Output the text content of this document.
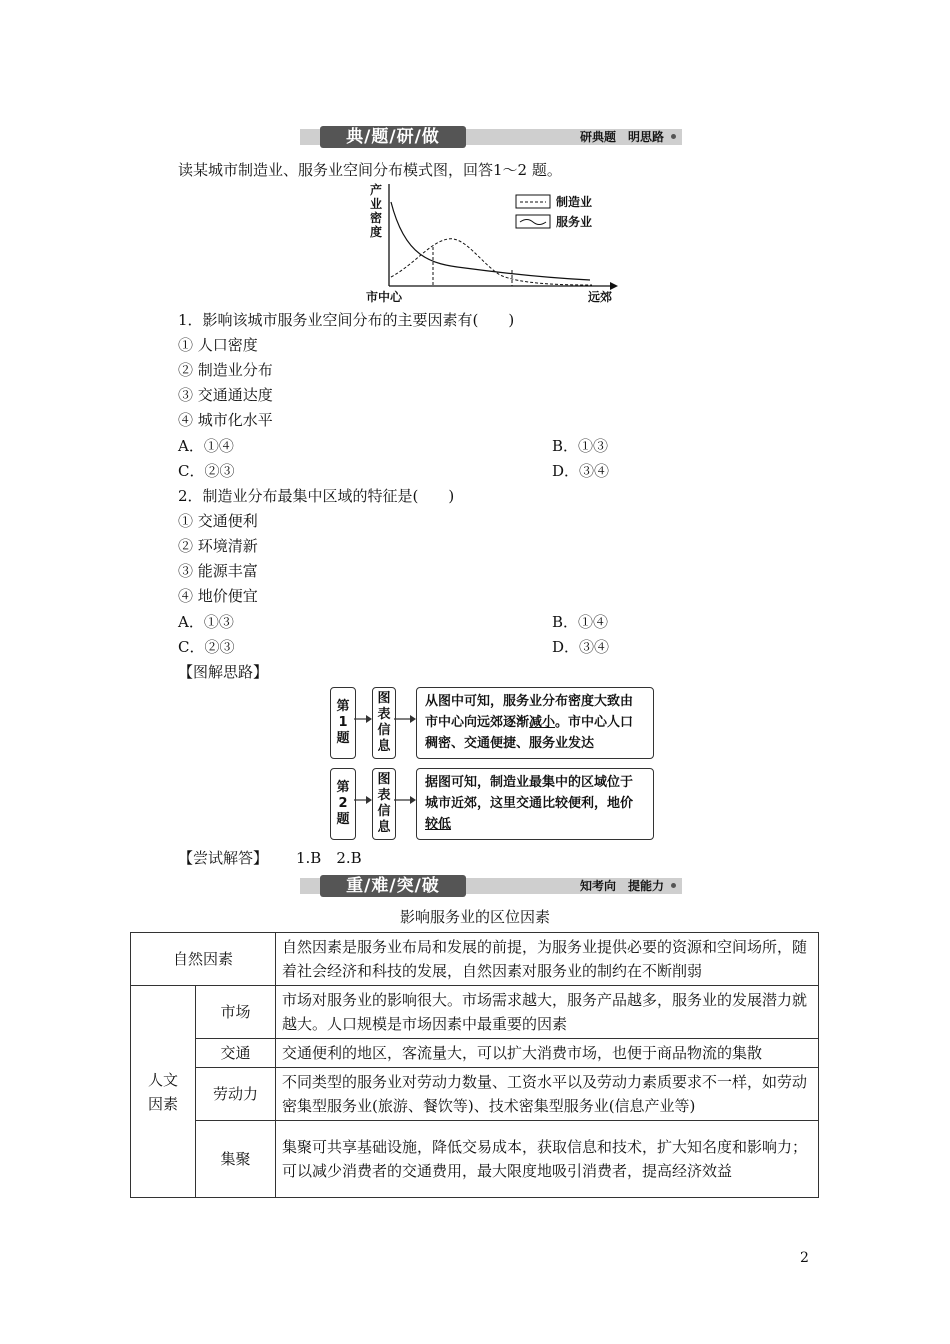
典/题/研/做	研典题　明思路
读某城市制造业、服务业空间分布模式图，回答1～2 题。
产
业
密
度
市中心	远郊
制造业
服务业
1．影响该城市服务业空间分布的主要因素有(　　)
① 人口密度
② 制造业分布
③ 交通通达度
④ 城市化水平
A．①④	B．①③
C．②③	D．③④
2．制造业分布最集中区域的特征是(　　)
① 交通便利
② 环境清新
③ 能源丰富
④ 地价便宜
A．①③	B．①④
C．②③	D．③④
【图解思路】
第
1
题
图
表
信
息
从图中可知，服务业分布密度大致由
市中心向远郊逐渐减小。市中心人口
稠密、交通便捷、服务业发达
第
2
题
图
表
信
息
据图可知，制造业最集中的区域位于
城市近郊，这里交通比较便利，地价
较低
【尝试解答】 1.B　2.B
重/难/突/破	知考向　提能力
影响服务业的区位因素
自然因素		自然因素是服务业布局和发展的前提，为服务业提供必要的资源和空间场所，随着社会经济和科技的发展，自然因素对服务业的制约在不断削弱

人文因素	市场	市场对服务业的影响很大。市场需求越大，服务产品越多，服务业的发展潜力就越大。人口规模是市场因素中最重要的因素
	交通	交通便利的地区，客流量大，可以扩大消费市场，也便于商品物流的集散
	劳动力	不同类型的服务业对劳动力数量、工资水平以及劳动力素质要求不一样，如劳动密集型服务业(旅游、餐饮等)、技术密集型服务业(信息产业等)
	集聚	集聚可共享基础设施，降低交易成本，获取信息和技术，扩大知名度和影响力；可以减少消费者的交通费用，最大限度地吸引消费者，提高经济效益
2
